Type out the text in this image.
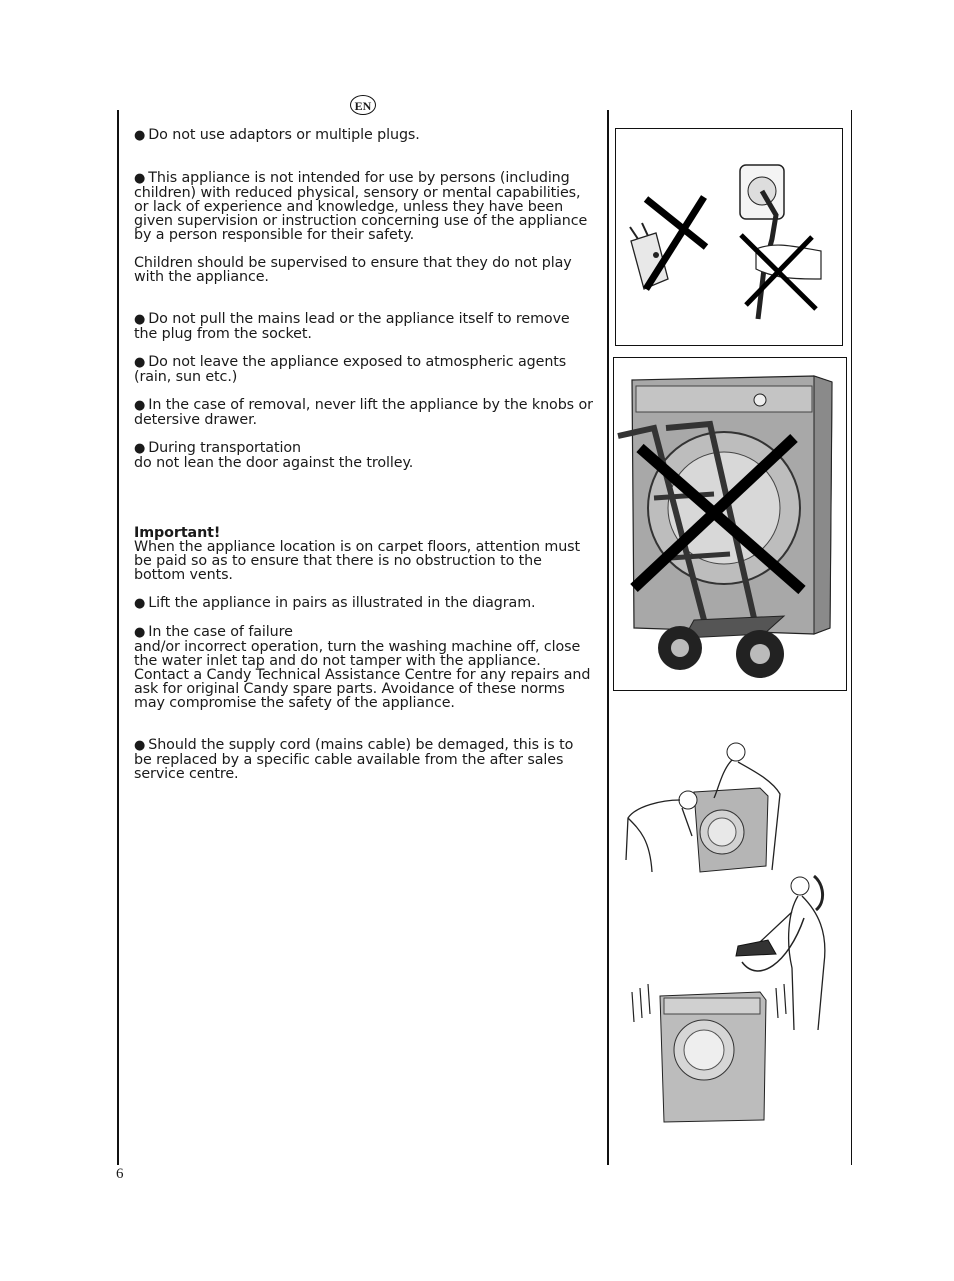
EN

● Do not use adaptors or multiple plugs.

● This appliance is not intended for use by persons (including children) with reduced physical, sensory or mental capabilities, or lack of experience and knowledge, unless they have been given supervision or instruction concerning use of the appliance by a person responsible for their safety.

Children should be supervised to ensure that they do not play with the appliance.

● Do not pull the mains lead or the appliance itself to remove the plug from the socket.

● Do not leave the appliance exposed to atmospheric agents (rain, sun etc.)

● In the case of removal, never lift the appliance by the knobs or detersive drawer.

● During transportation
do not lean the door against the trolley.

Important!
When the appliance location is on carpet floors, attention must be paid so as to ensure that there is no obstruction to the bottom vents.

● Lift the appliance in pairs as illustrated in the diagram.

● In the case of failure
and/or incorrect operation, turn the washing machine off, close the water inlet tap and do not tamper with the appliance. Contact a Candy Technical Assistance Centre for any repairs and ask for original Candy spare parts. Avoidance of these norms may compromise the safety of the appliance.

● Should the supply cord (mains cable) be demaged, this is to be replaced by a specific cable available from the after sales service centre.

6
